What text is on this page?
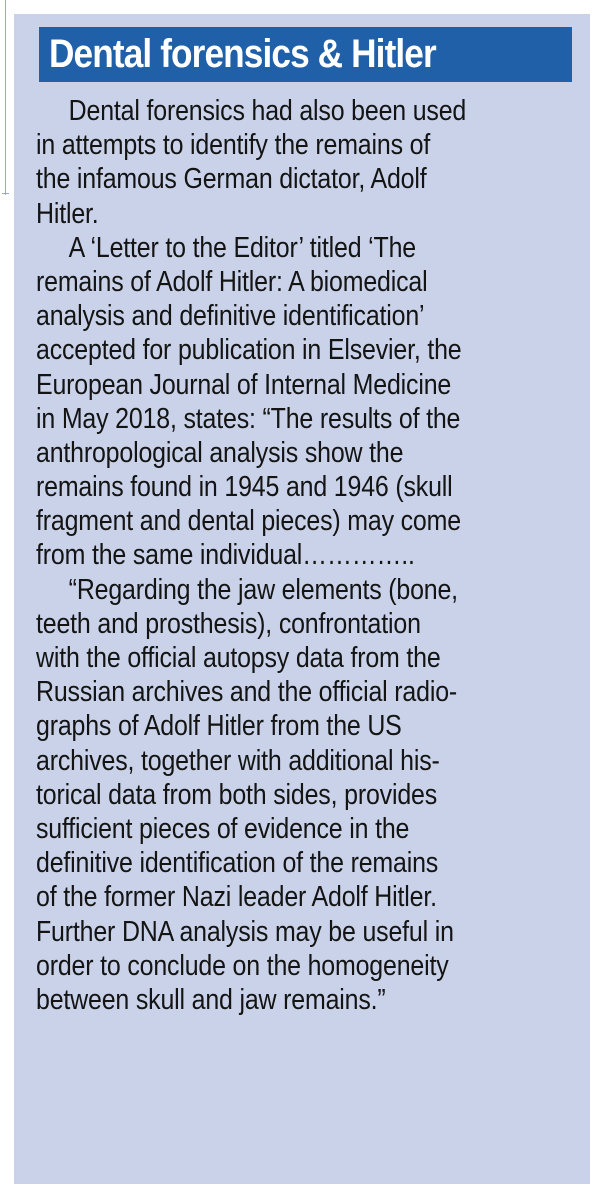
Dental forensics & Hitler
Dental forensics had also been used
in attempts to identify the remains of
the infamous German dictator, Adolf
Hitler.
A ‘Letter to the Editor’ titled ‘The
remains of Adolf Hitler: A biomedical
analysis and definitive identification’
accepted for publication in Elsevier, the
European Journal of Internal Medicine
in May 2018, states: “The results of the
anthropological analysis show the
remains found in 1945 and 1946 (skull
fragment and dental pieces) may come
from the same individual…………..
“Regarding the jaw elements (bone,
teeth and prosthesis), confrontation
with the official autopsy data from the
Russian archives and the official radio-
graphs of Adolf Hitler from the US
archives, together with additional his-
torical data from both sides, provides
sufficient pieces of evidence in the
definitive identification of the remains
of the former Nazi leader Adolf Hitler.
Further DNA analysis may be useful in
order to conclude on the homogeneity
between skull and jaw remains.”
